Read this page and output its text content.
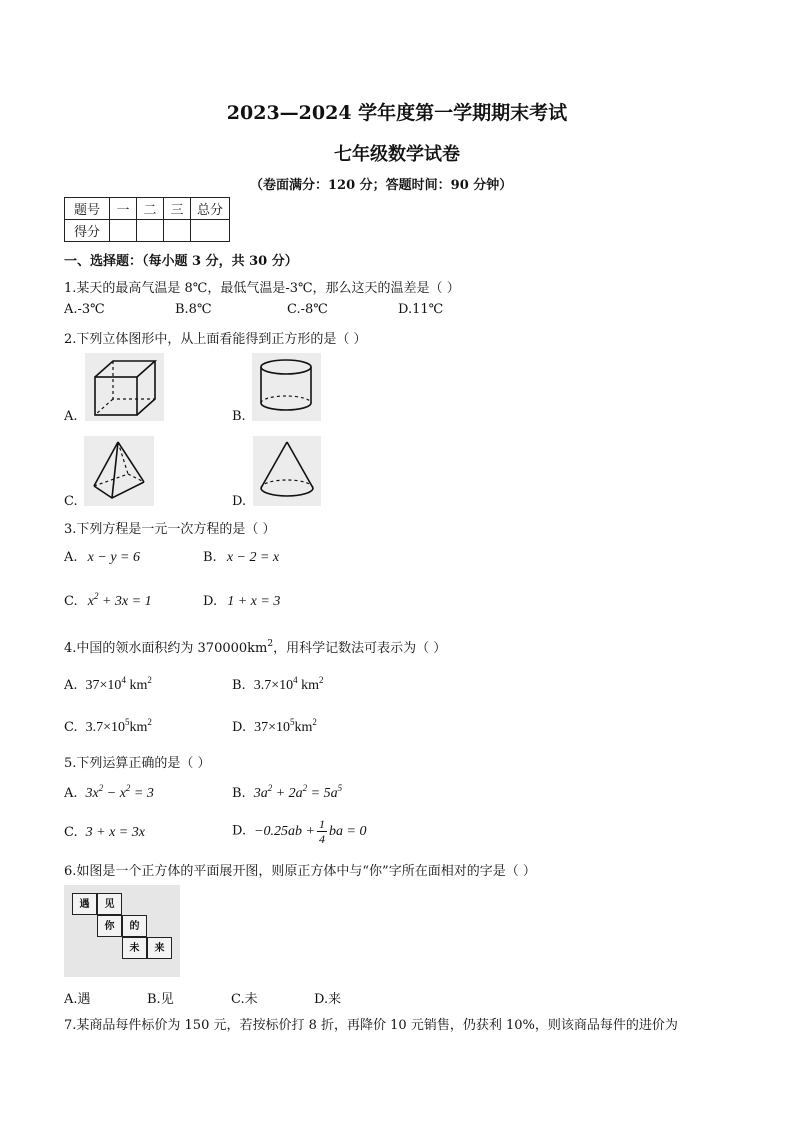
2023—2024 学年度第一学期期末考试
七年级数学试卷
（卷面满分：120 分；答题时间：90 分钟）
题号	一	二	三	总分
得分				
一、选择题：（每小题 3 分，共 30 分）
1.某天的最高气温是 8℃，最低气温是-3℃，那么这天的温差是（ ）
A.-3℃	B.8℃	C.-8℃	D.11℃
2.下列立体图形中，从上面看能得到正方形的是（ ）
A.	B.
C.	D.
3.下列方程是一元一次方程的是（ ）
A. x − y = 6	B. x − 2 = x
C. $x^2 + 3x = 1$	D. 1 + x = 3
4.中国的领水面积约为 $370000km^2$，用科学记数法可表示为（ ）
A. $37\times 10^4$ $km^2$	B. $3.7\times 10^4$ $km^2$
C. $3.7\times 10^5km^2$	D. $37\times 10^5km^2$
5.下列运算正确的是（ ）
A. $3x^2 - x^2 = 3$	B. $3a^2 + 2a^2 = 5a^5$
C. 3 + x = 3x	D. $-0.25ab + \frac{1}{4}$ ba = 0
6.如图是一个正方体的平面展开图，则原正方体中与“你”字所在面相对的字是（ ）
遇	见
你	的
未	来
A.遇	B.见	C.未	D.来
7.某商品每件标价为 150 元，若按标价打 8 折，再降价 10 元销售，仍获利 10%，则该商品每件的进价为
